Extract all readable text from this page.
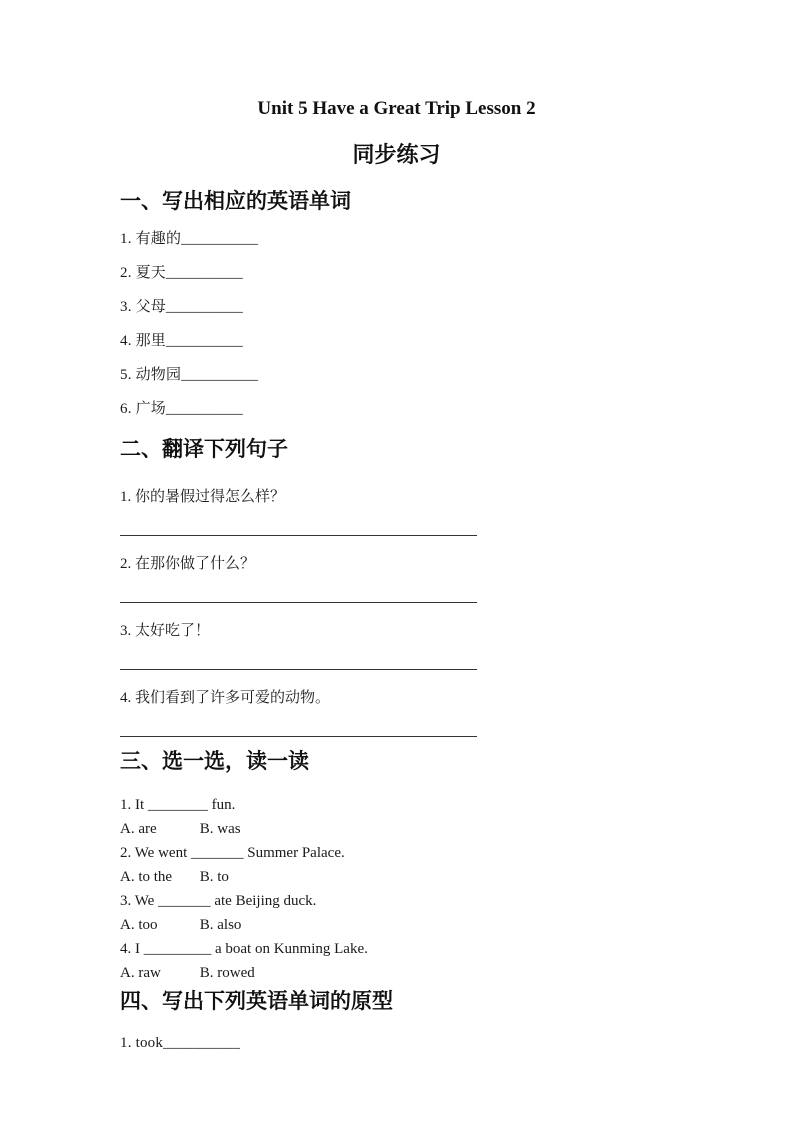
Unit 5 Have a Great Trip Lesson 2
同步练习
一、写出相应的英语单词
1. 有趣的__________
2. 夏天__________
3. 父母__________
4. 那里__________
5. 动物园__________
6. 广场__________
二、翻译下列句子
1. 你的暑假过得怎么样？
2. 在那你做了什么？
3. 太好吃了！
4. 我们看到了许多可爱的动物。
三、选一选，读一读
1. It ________ fun.
A. are	B. was
2. We went _______ Summer Palace.
A. to the B. to
3. We _______ ate Beijing duck.
A. too	B. also
4. I _________ a boat on Kunming Lake.
A. raw	B. rowed
四、写出下列英语单词的原型
1. took__________
